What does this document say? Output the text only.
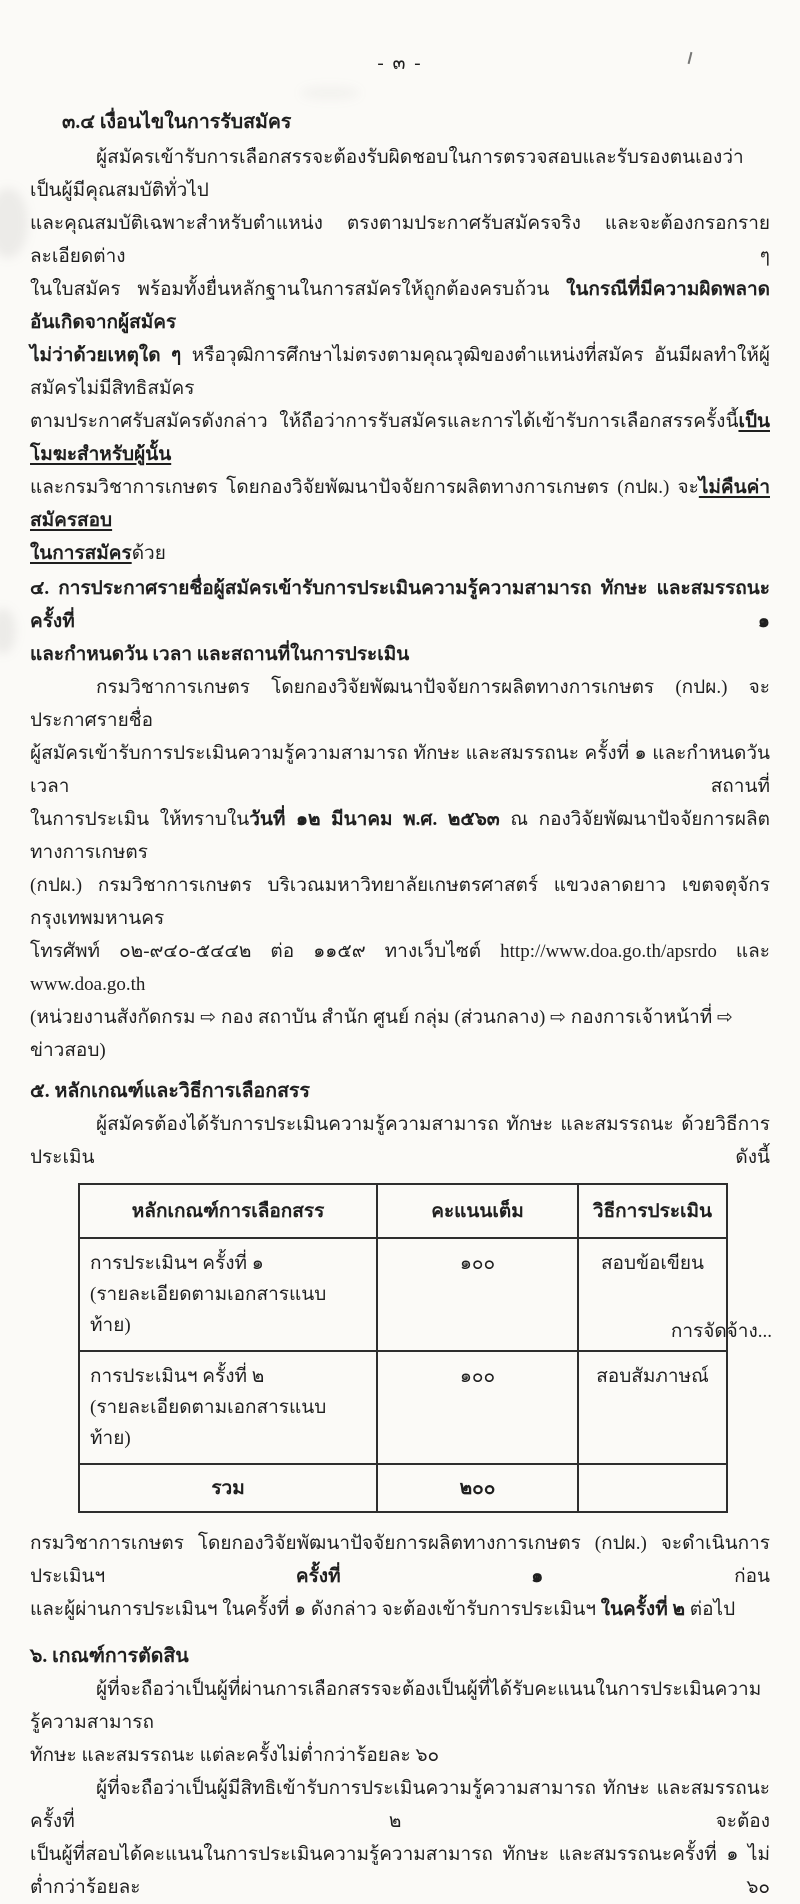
- ๓ -
๓.๔ เงื่อนไขในการรับสมัคร
ผู้สมัครเข้ารับการเลือกสรรจะต้องรับผิดชอบในการตรวจสอบและรับรองตนเองว่าเป็นผู้มีคุณสมบัติทั่วไป
และคุณสมบัติเฉพาะสำหรับตำแหน่ง ตรงตามประกาศรับสมัครจริง และจะต้องกรอกรายละเอียดต่าง ๆ
ในใบสมัคร พร้อมทั้งยื่นหลักฐานในการสมัครให้ถูกต้องครบถ้วน ในกรณีที่มีความผิดพลาดอันเกิดจากผู้สมัคร
ไม่ว่าด้วยเหตุใด ๆ หรือวุฒิการศึกษาไม่ตรงตามคุณวุฒิของตำแหน่งที่สมัคร อันมีผลทำให้ผู้สมัครไม่มีสิทธิสมัคร
ตามประกาศรับสมัครดังกล่าว ให้ถือว่าการรับสมัครและการได้เข้ารับการเลือกสรรครั้งนี้เป็นโมฆะสำหรับผู้นั้น
และกรมวิชาการเกษตร โดยกองวิจัยพัฒนาปัจจัยการผลิตทางการเกษตร (กปผ.) จะไม่คืนค่าสมัครสอบ
ในการสมัครด้วย
๔. การประกาศรายชื่อผู้สมัครเข้ารับการประเมินความรู้ความสามารถ ทักษะ และสมรรถนะ ครั้งที่ ๑
และกำหนดวัน เวลา และสถานที่ในการประเมิน
กรมวิชาการเกษตร โดยกองวิจัยพัฒนาปัจจัยการผลิตทางการเกษตร (กปผ.) จะประกาศรายชื่อ
ผู้สมัครเข้ารับการประเมินความรู้ความสามารถ ทักษะ และสมรรถนะ ครั้งที่ ๑ และกำหนดวัน เวลา สถานที่
ในการประเมิน ให้ทราบในวันที่ ๑๒ มีนาคม พ.ศ. ๒๕๖๓ ณ กองวิจัยพัฒนาปัจจัยการผลิตทางการเกษตร
(กปผ.) กรมวิชาการเกษตร บริเวณมหาวิทยาลัยเกษตรศาสตร์ แขวงลาดยาว เขตจตุจักร กรุงเทพมหานคร
โทรศัพท์ ๐๒-๙๔๐-๕๔๔๒ ต่อ ๑๑๕๙ ทางเว็บไซต์ http://www.doa.go.th/apsrdo และ www.doa.go.th
(หน่วยงานสังกัดกรม ⇨ กอง สถาบัน สำนัก ศูนย์ กลุ่ม (ส่วนกลาง) ⇨ กองการเจ้าหน้าที่ ⇨ ข่าวสอบ)
๕. หลักเกณฑ์และวิธีการเลือกสรร
ผู้สมัครต้องได้รับการประเมินความรู้ความสามารถ ทักษะ และสมรรถนะ ด้วยวิธีการประเมิน ดังนี้
หลักเกณฑ์การเลือกสรร	คะแนนเต็ม	วิธีการประเมิน

การประเมินฯ ครั้งที่ ๑
(รายละเอียดตามเอกสารแนบท้าย)	๑๐๐	สอบข้อเขียน

การประเมินฯ ครั้งที่ ๒
(รายละเอียดตามเอกสารแนบท้าย)	๑๐๐	สอบสัมภาษณ์
รวม	๒๐๐	
กรมวิชาการเกษตร โดยกองวิจัยพัฒนาปัจจัยการผลิตทางการเกษตร (กปผ.) จะดำเนินการประเมินฯ ครั้งที่ ๑ ก่อน
และผู้ผ่านการประเมินฯ ในครั้งที่ ๑ ดังกล่าว จะต้องเข้ารับการประเมินฯ ในครั้งที่ ๒ ต่อไป
๖. เกณฑ์การตัดสิน
ผู้ที่จะถือว่าเป็นผู้ที่ผ่านการเลือกสรรจะต้องเป็นผู้ที่ได้รับคะแนนในการประเมินความรู้ความสามารถ
ทักษะ และสมรรถนะ แต่ละครั้งไม่ต่ำกว่าร้อยละ ๖๐
ผู้ที่จะถือว่าเป็นผู้มีสิทธิเข้ารับการประเมินความรู้ความสามารถ ทักษะ และสมรรถนะ ครั้งที่ ๒ จะต้อง
เป็นผู้ที่สอบได้คะแนนในการประเมินความรู้ความสามารถ ทักษะ และสมรรถนะครั้งที่ ๑ ไม่ต่ำกว่าร้อยละ ๖๐
การจัดจ้าง...
